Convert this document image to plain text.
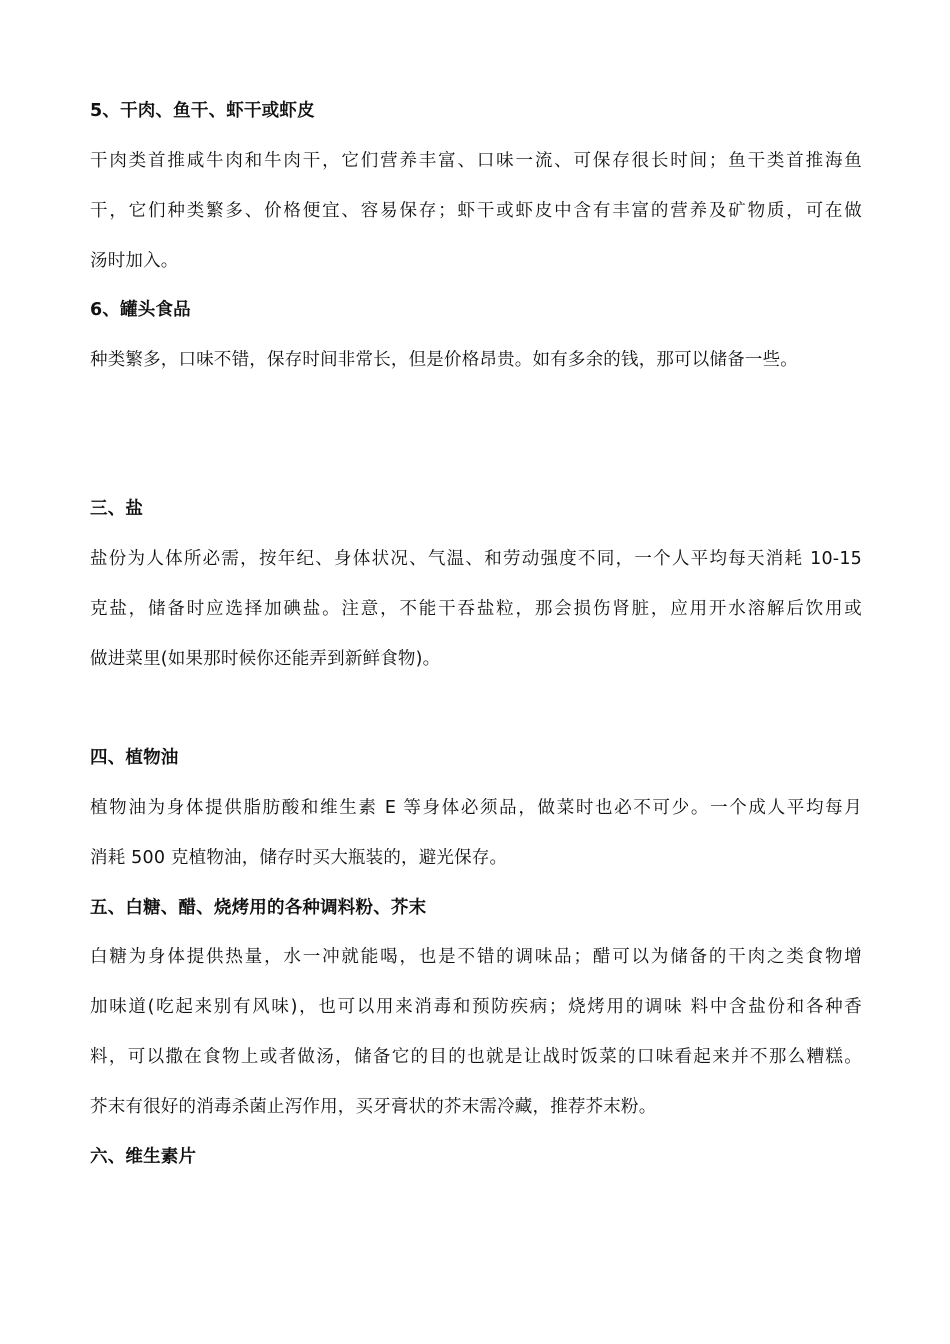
5、干肉、鱼干、虾干或虾皮
干肉类首推咸牛肉和牛肉干，它们营养丰富、口味一流、可保存很长时间；鱼干类首推海鱼
干，它们种类繁多、价格便宜、容易保存；虾干或虾皮中含有丰富的营养及矿物质，可在做
汤时加入。
6、罐头食品
种类繁多，口味不错，保存时间非常长，但是价格昂贵。如有多余的钱，那可以储备一些。
三、盐
盐份为人体所必需，按年纪、身体状况、气温、和劳动强度不同，一个人平均每天消耗 10-15
克盐，储备时应选择加碘盐。注意，不能干吞盐粒，那会损伤肾脏，应用开水溶解后饮用或
做进菜里(如果那时候你还能弄到新鲜食物)。
四、植物油
植物油为身体提供脂肪酸和维生素 E 等身体必须品，做菜时也必不可少。一个成人平均每月
消耗 500 克植物油，储存时买大瓶装的，避光保存。
五、白糖、醋、烧烤用的各种调料粉、芥末
白糖为身体提供热量，水一冲就能喝，也是不错的调味品；醋可以为储备的干肉之类食物增
加味道(吃起来别有风味)，也可以用来消毒和预防疾病；烧烤用的调味 料中含盐份和各种香
料，可以撒在食物上或者做汤，储备它的目的也就是让战时饭菜的口味看起来并不那么糟糕。
芥末有很好的消毒杀菌止泻作用，买牙膏状的芥末需冷藏，推荐芥末粉。
六、维生素片
